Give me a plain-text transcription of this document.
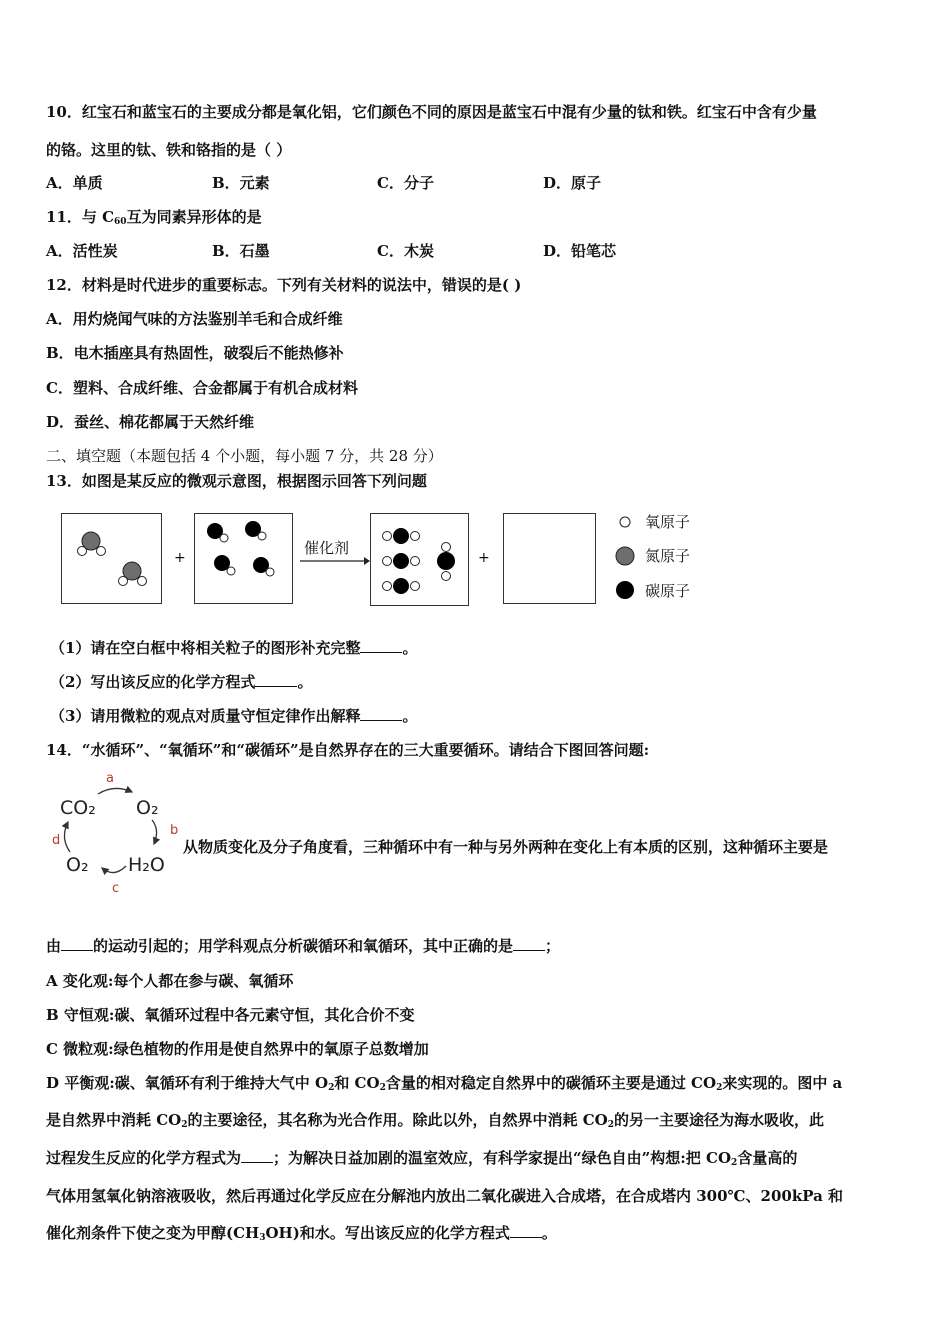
10．红宝石和蓝宝石的主要成分都是氧化铝，它们颜色不同的原因是蓝宝石中混有少量的钛和铁。红宝石中含有少量
的铬。这里的钛、铁和铬指的是（ ）
A．单质	B．元素	C．分子	D．原子
11．与 $C_{60}$互为同素异形体的是
A．活性炭	B．石墨	C．木炭	D．铅笔芯
12．材料是时代进步的重要标志。下列有关材料的说法中，错误的是( )
A．用灼烧闻气味的方法鉴别羊毛和合成纤维
B．电木插座具有热固性，破裂后不能热修补
C．塑料、合成纤维、合金都属于有机合成材料
D．蚕丝、棉花都属于天然纤维
二、填空题（本题包括 4 个小题，每小题 7 分，共 28 分）
13．如图是某反应的微观示意图，根据图示回答下列问题
+
催化剂
+
氧原子
氮原子
碳原子
（1）请在空白框中将相关粒子的图形补充完整	。
（2）写出该反应的化学方程式	。
（3）请用微粒的观点对质量守恒定律作出解释	。
14．“水循环”、“氧循环”和“碳循环”是自然界存在的三大重要循环。请结合下图回答问题:
CO₂ O₂
O₂ H₂O
a
b
c
d	从物质变化及分子角度看，三种循环中有一种与另外两种在变化上有本质的区别，这种循环主要是
由 的运动引起的；用学科观点分析碳循环和氧循环，其中正确的是 ；
A 变化观:每个人都在参与碳、氧循环
B 守恒观:碳、氧循环过程中各元素守恒，其化合价不变
C 微粒观:绿色植物的作用是使自然界中的氧原子总数增加
D 平衡观:碳、氧循环有利于维持大气中 $O_2$和 $CO_2$含量的相对稳定自然界中的碳循环主要是通过 $CO_2$来实现的。图中 a
是自然界中消耗 $CO_2$的主要途径，其名称为光合作用。除此以外，自然界中消耗 $CO_2$的另一主要途径为海水吸收，此
过程发生反应的化学方程式为 ；为解决日益加剧的温室效应，有科学家提出“绿色自由”构想:把 $CO_2$含量高的
气体用氢氧化钠溶液吸收，然后再通过化学反应在分解池内放出二氧化碳进入合成塔，在合成塔内 300℃、200kPa 和
催化剂条件下使之变为甲醇$(CH_3OH)$和水。写出该反应的化学方程式 。
